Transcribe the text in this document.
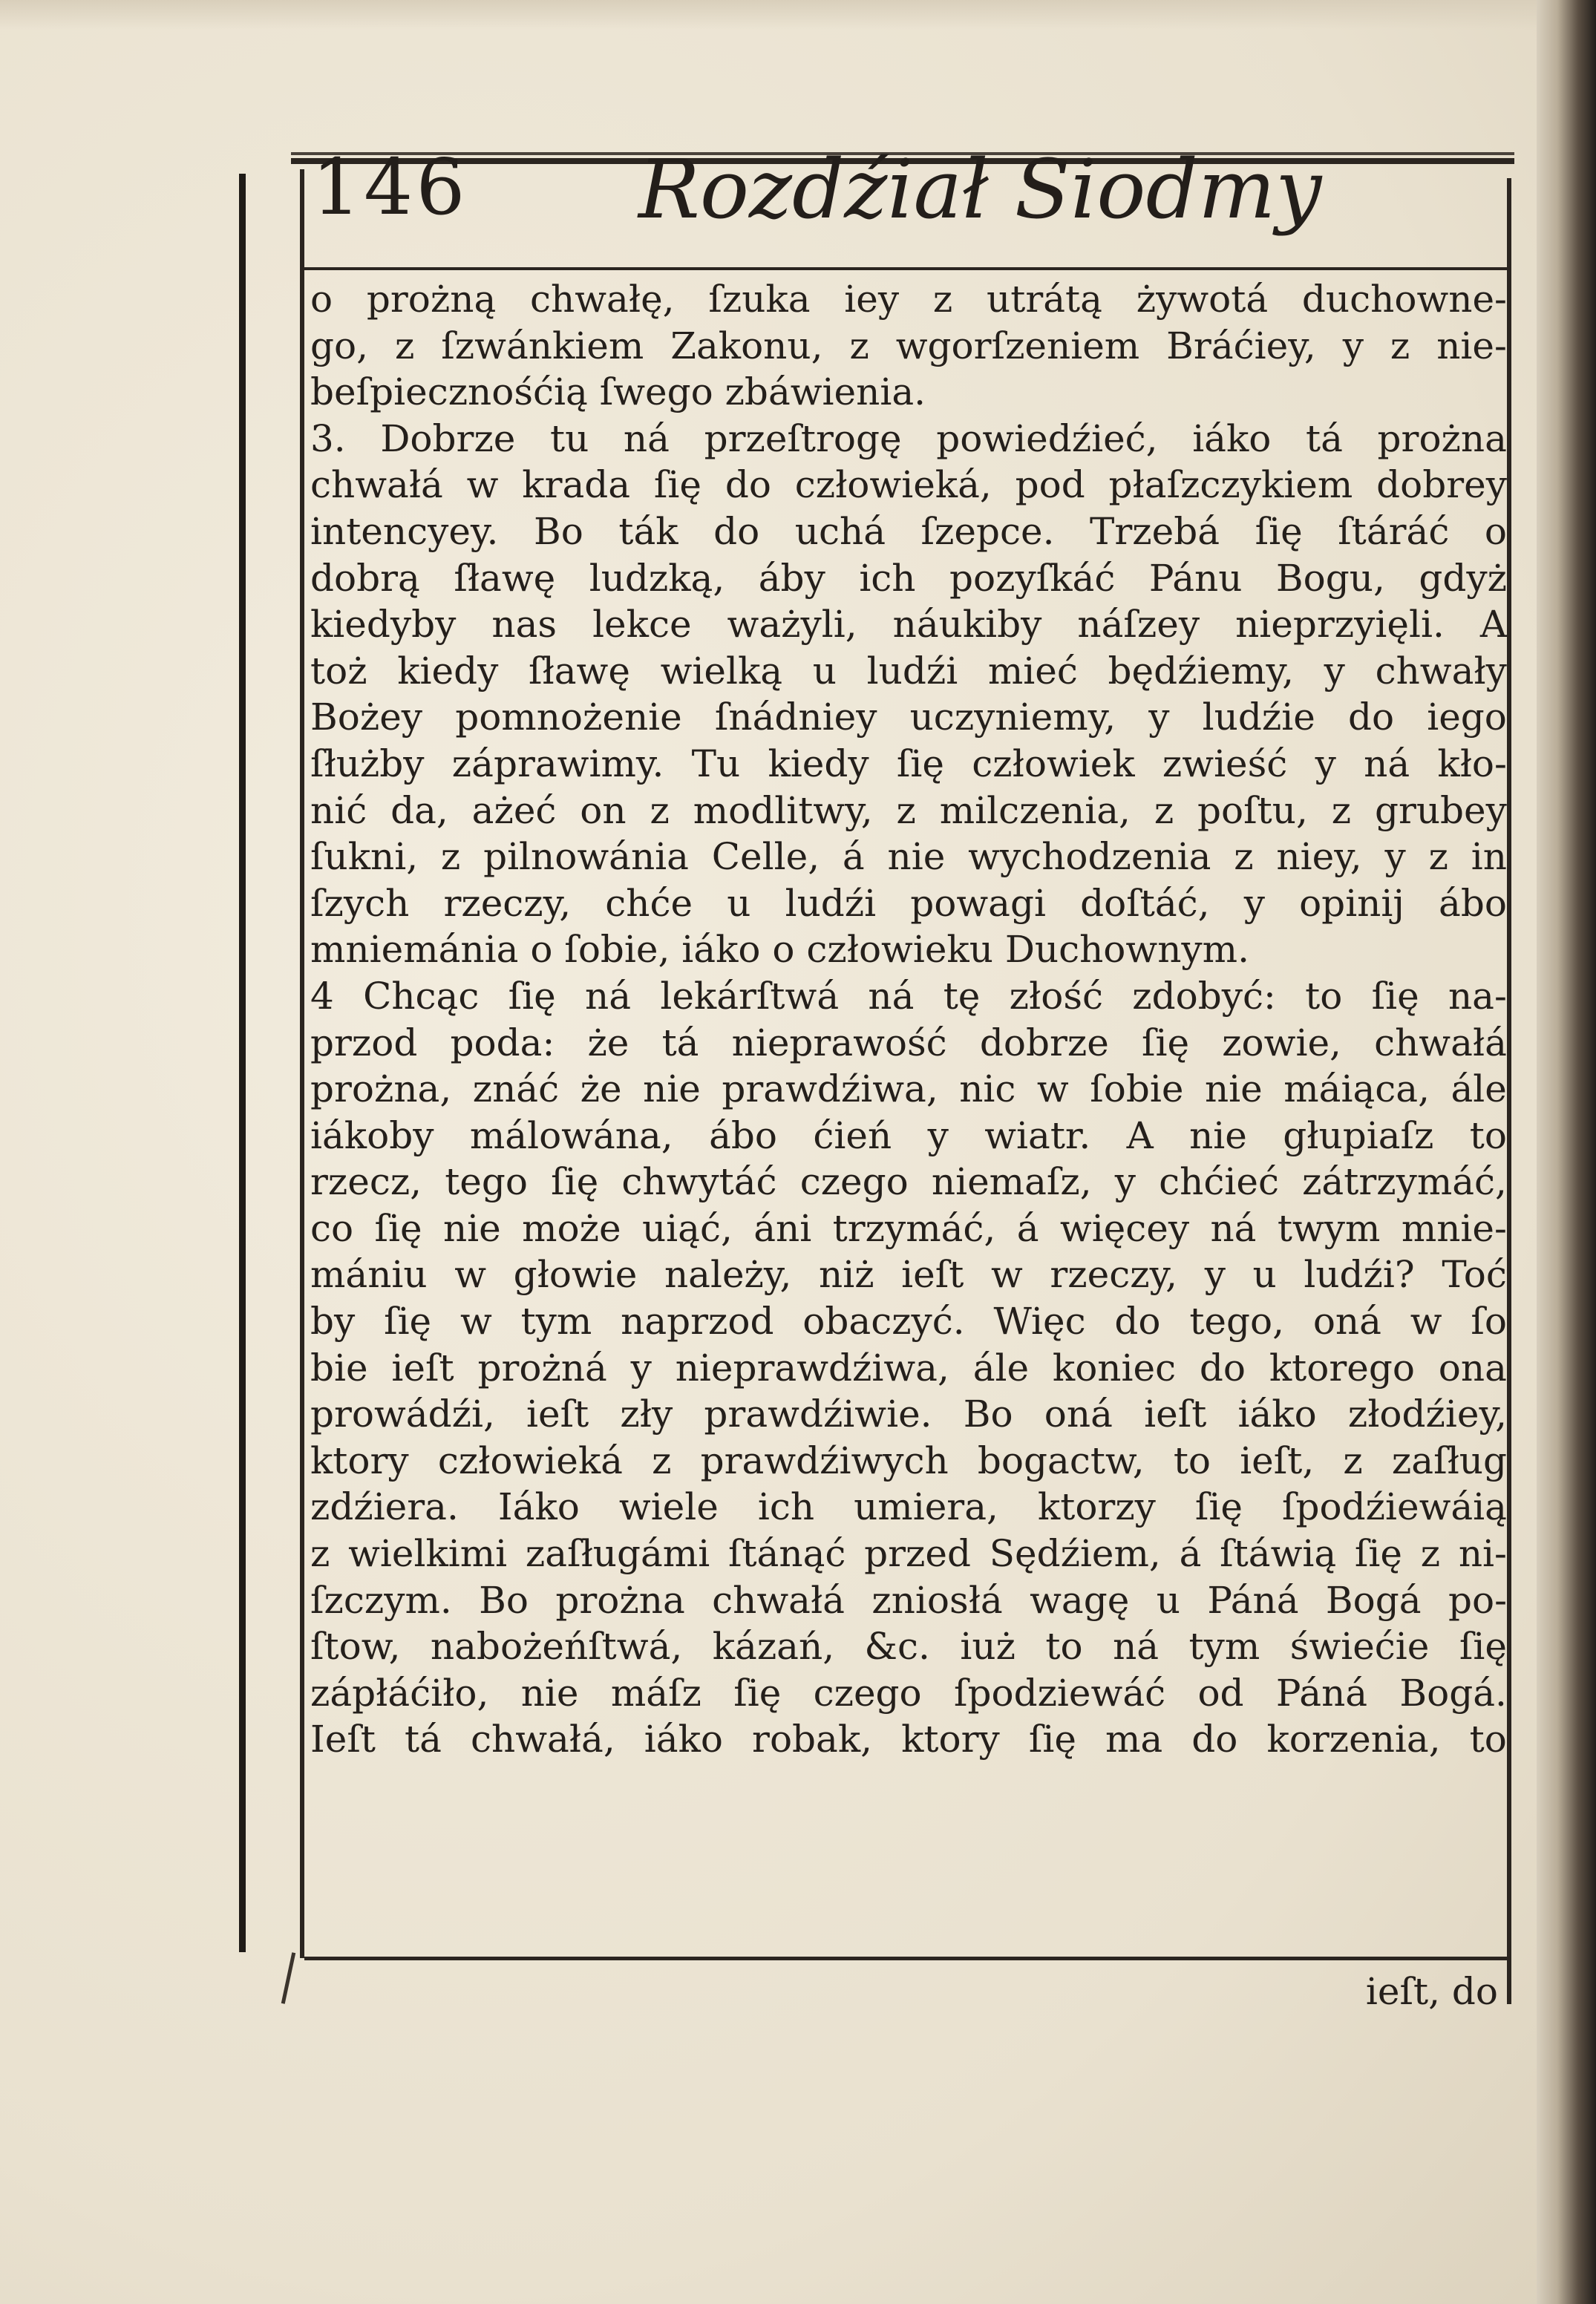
146 Rozdźiał Siodmy
o prożną chwałę, ſzuka iey z utrátą żywotá duchowne-
go, z ſzwánkiem Zakonu, z wgorſzeniem Bráćiey, y z nie-
beſpiecznośćią ſwego zbáwienia.
3. Dobrze tu ná przeſtrogę powiedźieć, iáko tá prożna
chwałá w krada ſię do człowieká, pod płaſzczykiem dobrey
intencyey. Bo ták do uchá ſzepce. Trzebá ſię ſtáráć o
dobrą ſławę ludzką, áby ich pozyſkáć Pánu Bogu, gdyż
kiedyby nas lekce ważyli, náukiby náſzey nieprzyięli. A
toż kiedy ſławę wielką u ludźi mieć będźiemy, y chwały
Bożey pomnożenie ſnádniey uczyniemy, y ludźie do iego
ſłużby záprawimy. Tu kiedy ſię człowiek zwieść y ná kło-
nić da, ażeć on z modlitwy, z milczenia, z poſtu, z grubey
ſukni, z pilnowánia Celle, á nie wychodzenia z niey, y z in
ſzych rzeczy, chće u ludźi powagi doſtáć, y opinij ábo
mniemánia o ſobie, iáko o człowieku Duchownym.
4 Chcąc ſię ná lekárſtwá ná tę złość zdobyć: to ſię na-
przod poda: że tá nieprawość dobrze ſię zowie, chwałá
prożna, znáć że nie prawdźiwa, nic w ſobie nie máiąca, ále
iákoby málowána, ábo ćień y wiatr. A nie głupiaſz to
rzecz, tego ſię chwytáć czego niemaſz, y chćieć zátrzymáć,
co ſię nie może uiąć, áni trzymáć, á więcey ná twym mnie-
mániu w głowie należy, niż ieſt w rzeczy, y u ludźi? Toć
by ſię w tym naprzod obaczyć. Więc do tego, oná w ſo
bie ieſt prożná y nieprawdźiwa, ále koniec do ktorego ona
prowádźi, ieſt zły prawdźiwie. Bo oná ieſt iáko złodźiey,
ktory człowieká z prawdźiwych bogactw, to ieſt, z zaſług
zdźiera. Iáko wiele ich umiera, ktorzy ſię ſpodźiewáią
z wielkimi zaſługámi ſtánąć przed Sędźiem, á ſtáwią ſię z ni-
ſzczym. Bo prożna chwałá zniosłá wagę u Páná Bogá po-
ſtow, nabożeńſtwá, kázań, &c. iuż to ná tym świećie ſię
zápłáćiło, nie máſz ſię czego ſpodziewáć od Páná Bogá.
Ieſt tá chwałá, iáko robak, ktory ſię ma do korzenia, to
ieſt, do
